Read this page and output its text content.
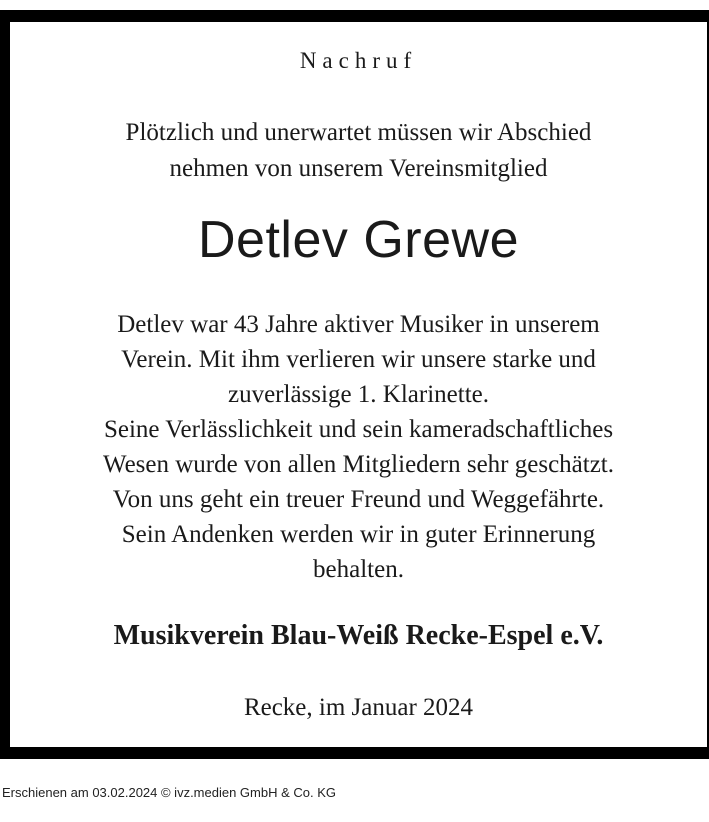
Nachruf
Plötzlich und unerwartet müssen wir Abschied
nehmen von unserem Vereinsmitglied
Detlev Grewe
Detlev war 43 Jahre aktiver Musiker in unserem
Verein. Mit ihm verlieren wir unsere starke und
zuverlässige 1. Klarinette.
Seine Verlässlichkeit und sein kameradschaftliches
Wesen wurde von allen Mitgliedern sehr geschätzt.
Von uns geht ein treuer Freund und Weggefährte.
Sein Andenken werden wir in guter Erinnerung
behalten.
Musikverein Blau-Weiß Recke-Espel e.V.
Recke, im Januar 2024
Erschienen am 03.02.2024 © ivz.medien GmbH & Co. KG
